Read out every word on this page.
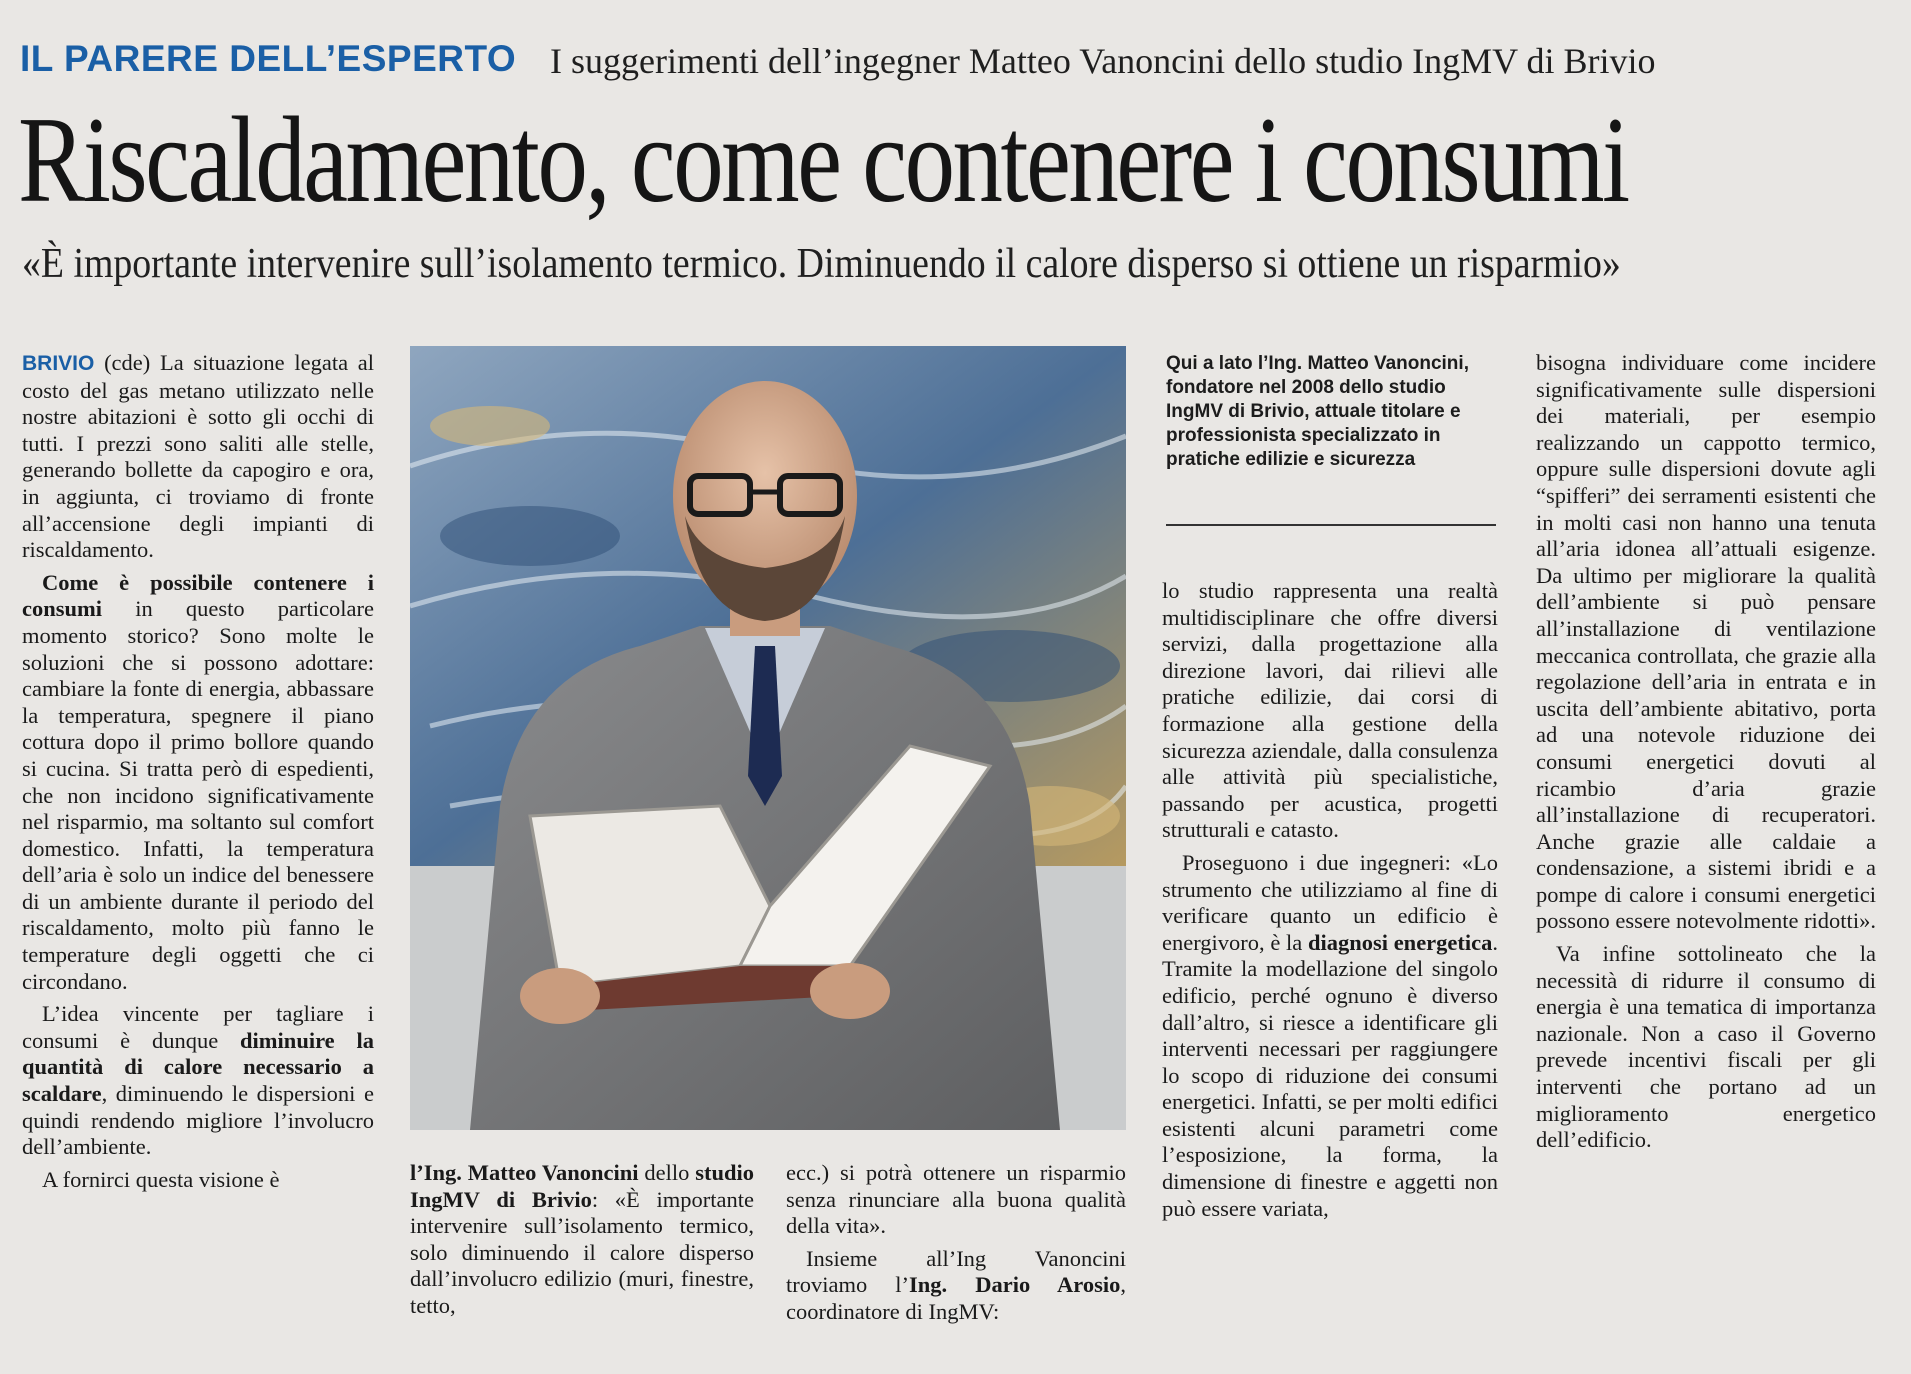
IL PARERE DELL’ESPERTO I suggerimenti dell’ingegner Matteo Vanoncini dello studio IngMV di Brivio
Riscaldamento, come contenere i consumi
«È importante intervenire sull’isolamento termico. Diminuendo il calore disperso si ottiene un risparmio»

BRIVIO (cde) La situazione legata al costo del gas metano utilizzato nelle nostre abitazioni è sotto gli occhi di tutti. I prezzi sono saliti alle stelle, generando bollette da capogiro e ora, in aggiunta, ci troviamo di fronte all’accensione degli impianti di riscaldamento.

Come è possibile contenere i consumi in questo particolare momento storico? Sono molte le soluzioni che si possono adottare: cambiare la fonte di energia, abbassare la temperatura, spegnere il piano cottura dopo il primo bollore quando si cucina. Si tratta però di espedienti, che non incidono significativamente nel risparmio, ma soltanto sul comfort domestico. Infatti, la temperatura dell’aria è solo un indice del benessere di un ambiente durante il periodo del riscaldamento, molto più fanno le temperature degli oggetti che ci circondano.

L’idea vincente per tagliare i consumi è dunque diminuire la quantità di calore necessario a scaldare, diminuendo le dispersioni e quindi rendendo migliore l’involucro dell’ambiente.

A fornirci questa visione è

Qui a lato l’Ing. Matteo Vanoncini, fondatore nel 2008 dello studio IngMV di Brivio, attuale titolare e professionista specializzato in pratiche edilizie e sicurezza

l’Ing. Matteo Vanoncini dello studio IngMV di Brivio: «È importante intervenire sull’isolamento termico, solo diminuendo il calore disperso dall’involucro edilizio (muri, finestre, tetto,

ecc.) si potrà ottenere un risparmio senza rinunciare alla buona qualità della vita».

Insieme all’Ing Vanoncini troviamo l’Ing. Dario Arosio, coordinatore di IngMV:

lo studio rappresenta una realtà multidisciplinare che offre diversi servizi, dalla progettazione alla direzione lavori, dai rilievi alle pratiche edilizie, dai corsi di formazione alla gestione della sicurezza aziendale, dalla consulenza alle attività più specialistiche, passando per acustica, progetti strutturali e catasto.

Proseguono i due ingegneri: «Lo strumento che utilizziamo al fine di verificare quanto un edificio è energivoro, è la diagnosi energetica. Tramite la modellazione del singolo edificio, perché ognuno è diverso dall’altro, si riesce a identificare gli interventi necessari per raggiungere lo scopo di riduzione dei consumi energetici. Infatti, se per molti edifici esistenti alcuni parametri come l’esposizione, la forma, la dimensione di finestre e aggetti non può essere variata,

bisogna individuare come incidere significativamente sulle dispersioni dei materiali, per esempio realizzando un cappotto termico, oppure sulle dispersioni dovute agli “spifferi” dei serramenti esistenti che in molti casi non hanno una tenuta all’aria idonea all’attuali esigenze. Da ultimo per migliorare la qualità dell’ambiente si può pensare all’installazione di ventilazione meccanica controllata, che grazie alla regolazione dell’aria in entrata e in uscita dell’ambiente abitativo, porta ad una notevole riduzione dei consumi energetici dovuti al ricambio d’aria grazie all’installazione di recuperatori. Anche grazie alle caldaie a condensazione, a sistemi ibridi e a pompe di calore i consumi energetici possono essere notevolmente ridotti».

Va infine sottolineato che la necessità di ridurre il consumo di energia è una tematica di importanza nazionale. Non a caso il Governo prevede incentivi fiscali per gli interventi che portano ad un miglioramento energetico dell’edificio.
